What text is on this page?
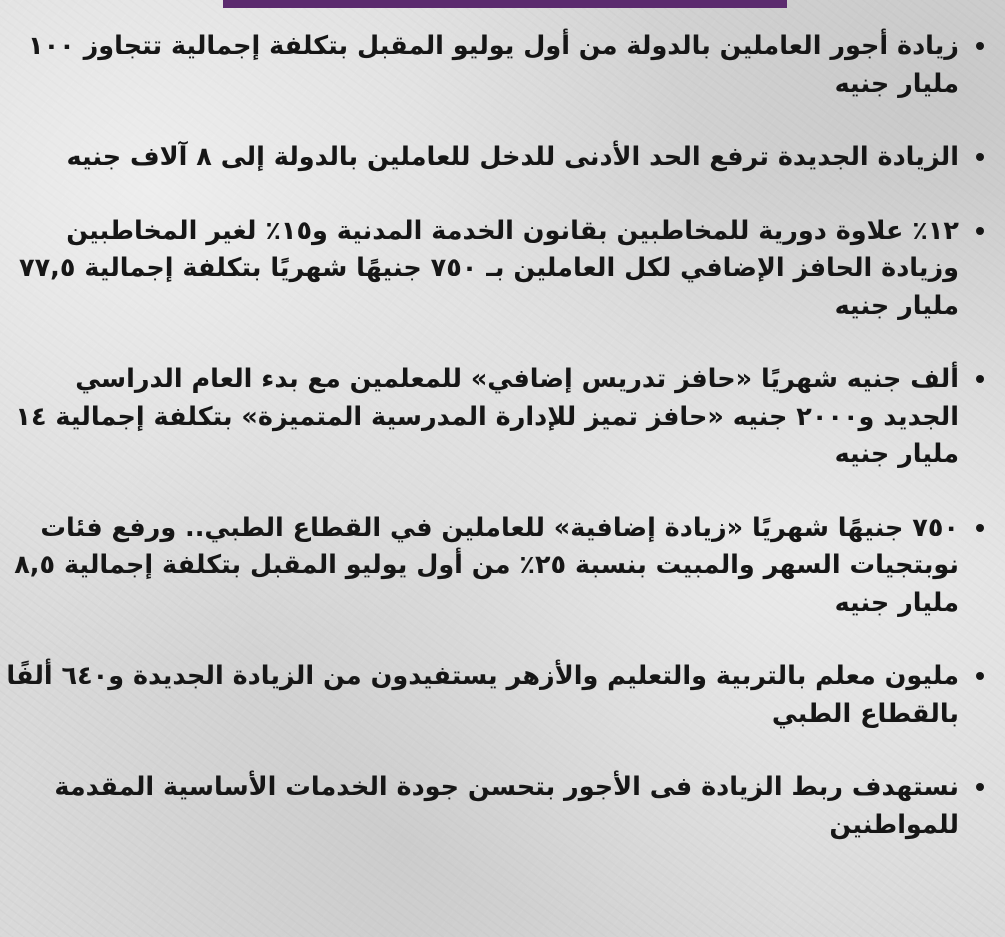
زيادة أجور العاملين بالدولة من أول يوليو المقبل بتكلفة إجمالية تتجاوز ١٠٠ مليار جنيه
الزيادة الجديدة ترفع الحد الأدنى للدخل للعاملين بالدولة إلى ٨ آلاف جنيه
١٢٪ علاوة دورية للمخاطبين بقانون الخدمة المدنية و١٥٪ لغير المخاطبين وزيادة الحافز الإضافي لكل العاملين بـ ٧٥٠ جنيهًا شهريًا بتكلفة إجمالية ٧٧,٥ مليار جنيه
ألف جنيه شهريًا «حافز تدريس إضافي» للمعلمين مع بدء العام الدراسي الجديد و٢٠٠٠ جنيه «حافز تميز للإدارة المدرسية المتميزة» بتكلفة إجمالية ١٤ مليار جنيه
٧٥٠ جنيهًا شهريًا «زيادة إضافية» للعاملين في القطاع الطبي.. ورفع فئات نوبتجيات السهر والمبيت بنسبة ٢٥٪ من أول يوليو المقبل بتكلفة إجمالية ٨,٥ مليار جنيه
مليون معلم بالتربية والتعليم والأزهر يستفيدون من الزيادة الجديدة و٦٤٠ ألفًا بالقطاع الطبي
نستهدف ربط الزيادة فى الأجور بتحسن جودة الخدمات الأساسية المقدمة للمواطنين
